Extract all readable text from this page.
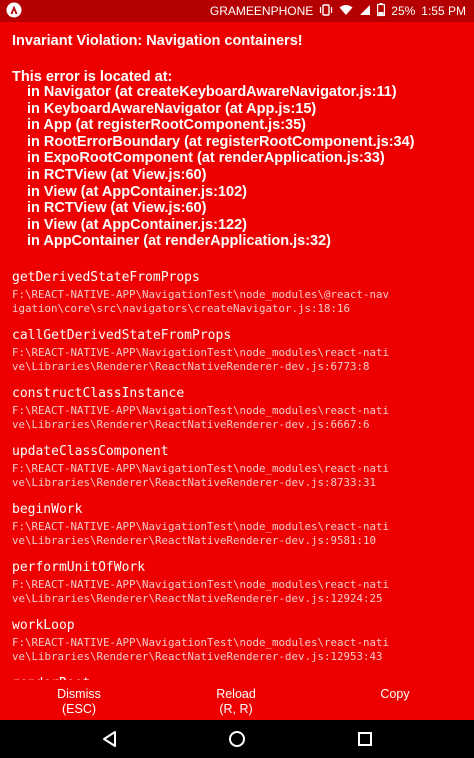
GRAMEENPHONE	25% 1:55 PM
Invariant Violation: Navigation containers!
This error is located at:
in Navigator (at createKeyboardAwareNavigator.js:11)
in KeyboardAwareNavigator (at App.js:15)
in App (at registerRootComponent.js:35)
in RootErrorBoundary (at registerRootComponent.js:34)
in ExpoRootComponent (at renderApplication.js:33)
in RCTView (at View.js:60)
in View (at AppContainer.js:102)
in RCTView (at View.js:60)
in View (at AppContainer.js:122)
in AppContainer (at renderApplication.js:32)
getDerivedStateFromProps
F:\REACT-NATIVE-APP\NavigationTest\node_modules\@react-navigation\core\src\navigators\createNavigator.js:18:16
callGetDerivedStateFromProps
F:\REACT-NATIVE-APP\NavigationTest\node_modules\react-native\Libraries\Renderer\ReactNativeRenderer-dev.js:6773:8
constructClassInstance
F:\REACT-NATIVE-APP\NavigationTest\node_modules\react-native\Libraries\Renderer\ReactNativeRenderer-dev.js:6667:6
updateClassComponent
F:\REACT-NATIVE-APP\NavigationTest\node_modules\react-native\Libraries\Renderer\ReactNativeRenderer-dev.js:8733:31
beginWork
F:\REACT-NATIVE-APP\NavigationTest\node_modules\react-native\Libraries\Renderer\ReactNativeRenderer-dev.js:9581:10
performUnitOfWork
F:\REACT-NATIVE-APP\NavigationTest\node_modules\react-native\Libraries\Renderer\ReactNativeRenderer-dev.js:12924:25
workLoop
F:\REACT-NATIVE-APP\NavigationTest\node_modules\react-native\Libraries\Renderer\ReactNativeRenderer-dev.js:12953:43
Dismiss
(ESC)
Reload
(R, R)
Copy
